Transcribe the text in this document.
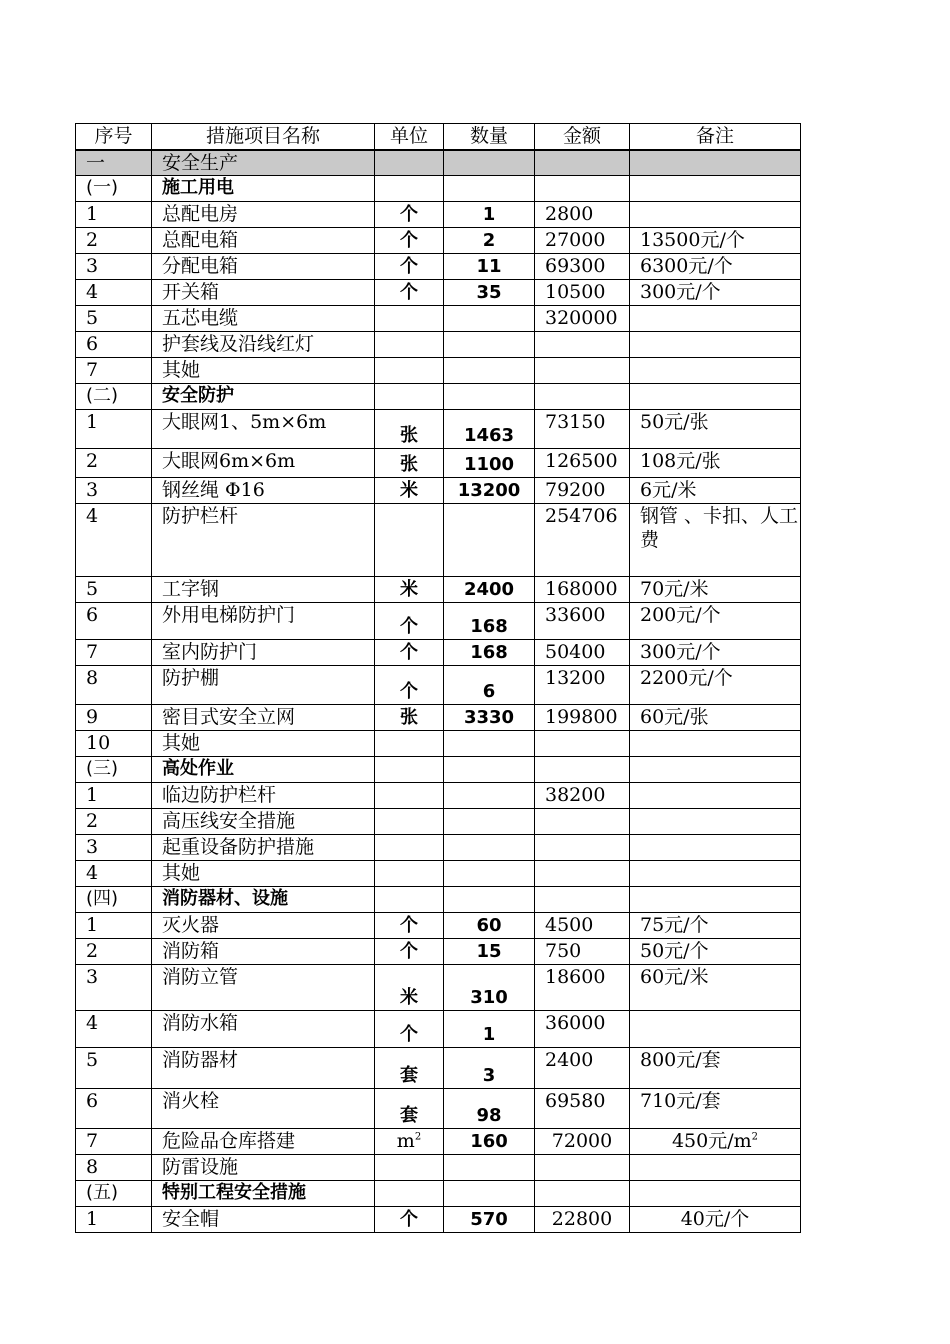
序号	措施项目名称	单位	数量	金额	备注
一	安全生产				
(一)	施工用电				
1	总配电房	个	1	2800	
2	总配电箱	个	2	27000	13500元/个
3	分配电箱	个	11	69300	6300元/个
4	开关箱	个	35	10500	300元/个
5	五芯电缆			320000	
6	护套线及沿线红灯				
7	其她				
(二)	安全防护				
1	大眼网1、5m×6m	张	1463	73150	50元/张
2	大眼网6m×6m	张	1100	126500	108元/张
3	钢丝绳 Φ16	米	13200	79200	6元/米
4	防护栏杆			254706	钢管 、卡扣、人工费
5	工字钢	米	2400	168000	70元/米
6	外用电梯防护门	个	168	33600	200元/个
7	室内防护门	个	168	50400	300元/个
8	防护棚	个	6	13200	2200元/个
9	密目式安全立网	张	3330	199800	60元/张
10	其她				
(三)	高处作业				
1	临边防护栏杆			38200	
2	高压线安全措施				
3	起重设备防护措施				
4	其她				
(四)	消防器材、设施				
1	灭火器	个	60	4500	75元/个
2	消防箱	个	15	750	50元/个
3	消防立管	米	310	18600	60元/米
4	消防水箱	个	1	36000	
5	消防器材	套	3	2400	800元/套
6	消火栓	套	98	69580	710元/套
7	危险品仓库搭建	$m^2$	160	72000	450元$/m^2$
8	防雷设施				
(五)	特别工程安全措施				
1	安全帽	个	570	22800	40元/个
